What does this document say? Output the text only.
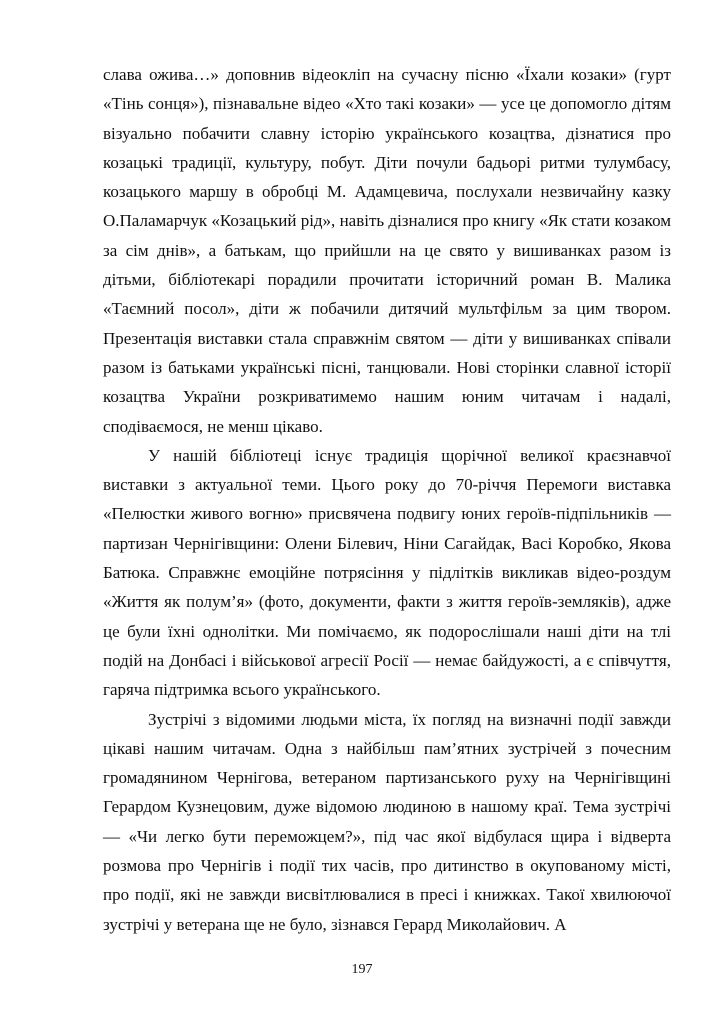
слава ожива…» доповнив відеокліп на сучасну пісню «Їхали козаки» (гурт «Тінь сонця»), пізнавальне відео «Хто такі козаки» — усе це допомогло дітям візуально побачити славну історію українського козацтва, дізнатися про козацькі традиції, культуру, побут. Діти почули бадьорі ритми тулумбасу, козацького маршу в обробці М. Адамцевича, послухали незвичайну казку О.Паламарчук «Козацький рід», навіть дізналися про книгу «Як стати козаком за сім днів», а батькам, що прийшли на це свято у вишиванках разом із дітьми, бібліотекарі порадили прочитати історичний роман В. Малика «Таємний посол», діти ж побачили дитячий мультфільм за цим твором. Презентація виставки стала справжнім святом — діти у вишиванках співали разом із батьками українські пісні, танцювали. Нові сторінки славної історії козацтва України розкриватимемо нашим юним читачам і надалі, сподіваємося, не менш цікаво.

У нашій бібліотеці існує традиція щорічної великої краєзнавчої виставки з актуальної теми. Цього року до 70-річчя Перемоги виставка «Пелюстки живого вогню» присвячена подвигу юних героїв-підпільників — партизан Чернігівщини: Олени Білевич, Ніни Сагайдак, Васі Коробко, Якова Батюка. Справжнє емоційне потрясіння у підлітків викликав відео-роздум «Життя як полум’я» (фото, документи, факти з життя героїв-земляків), адже це були їхні однолітки. Ми помічаємо, як подорослішали наші діти на тлі подій на Донбасі і військової агресії Росії — немає байдужості, а є співчуття, гаряча підтримка всього українського.

Зустрічі з відомими людьми міста, їх погляд на визначні події завжди цікаві нашим читачам. Одна з найбільш пам’ятних зустрічей з почесним громадянином Чернігова, ветераном партизанського руху на Чернігівщині Герардом Кузнецовим, дуже відомою людиною в нашому краї. Тема зустрічі — «Чи легко бути переможцем?», під час якої відбулася щира і відверта розмова про Чернігів і події тих часів, про дитинство в окупованому місті, про події, які не завжди висвітлювалися в пресі і книжках. Такої хвилюючої зустрічі у ветерана ще не було, зізнався Герард Миколайович. А

197
